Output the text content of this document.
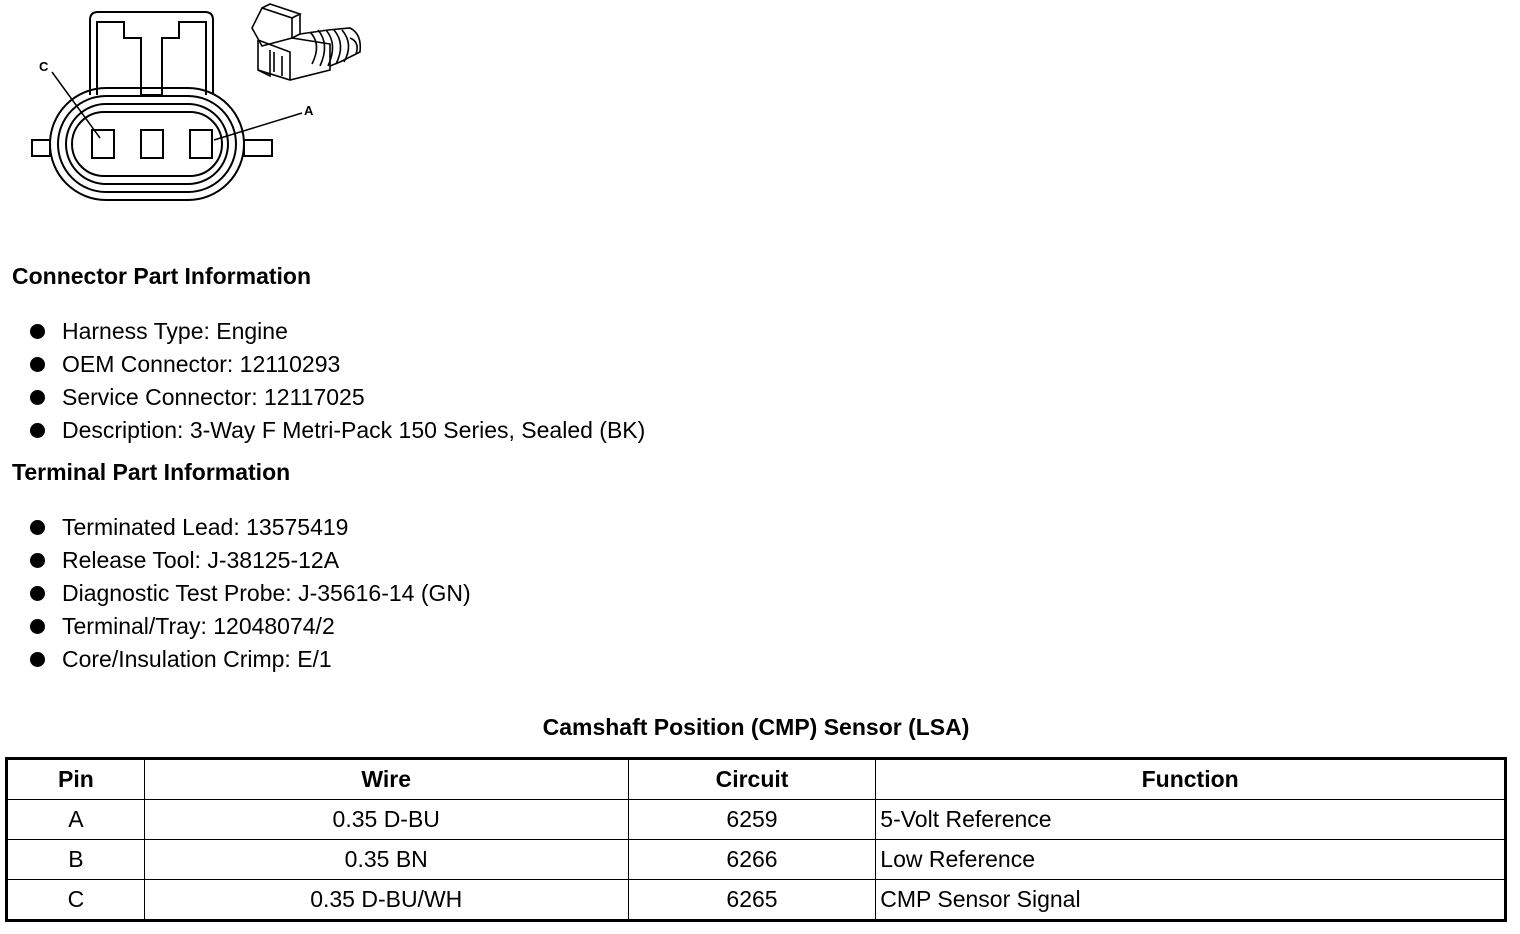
C
A
Connector Part Information
Harness Type: Engine
OEM Connector: 12110293
Service Connector: 12117025
Description: 3-Way F Metri-Pack 150 Series, Sealed (BK)
Terminal Part Information
Terminated Lead: 13575419
Release Tool: J-38125-12A
Diagnostic Test Probe: J-35616-14 (GN)
Terminal/Tray: 12048074/2
Core/Insulation Crimp: E/1
Camshaft Position (CMP) Sensor (LSA)
Pin	Wire	Circuit	Function
A	0.35 D-BU	6259	5-Volt Reference
B	0.35 BN	6266	Low Reference
C	0.35 D-BU/WH	6265	CMP Sensor Signal
